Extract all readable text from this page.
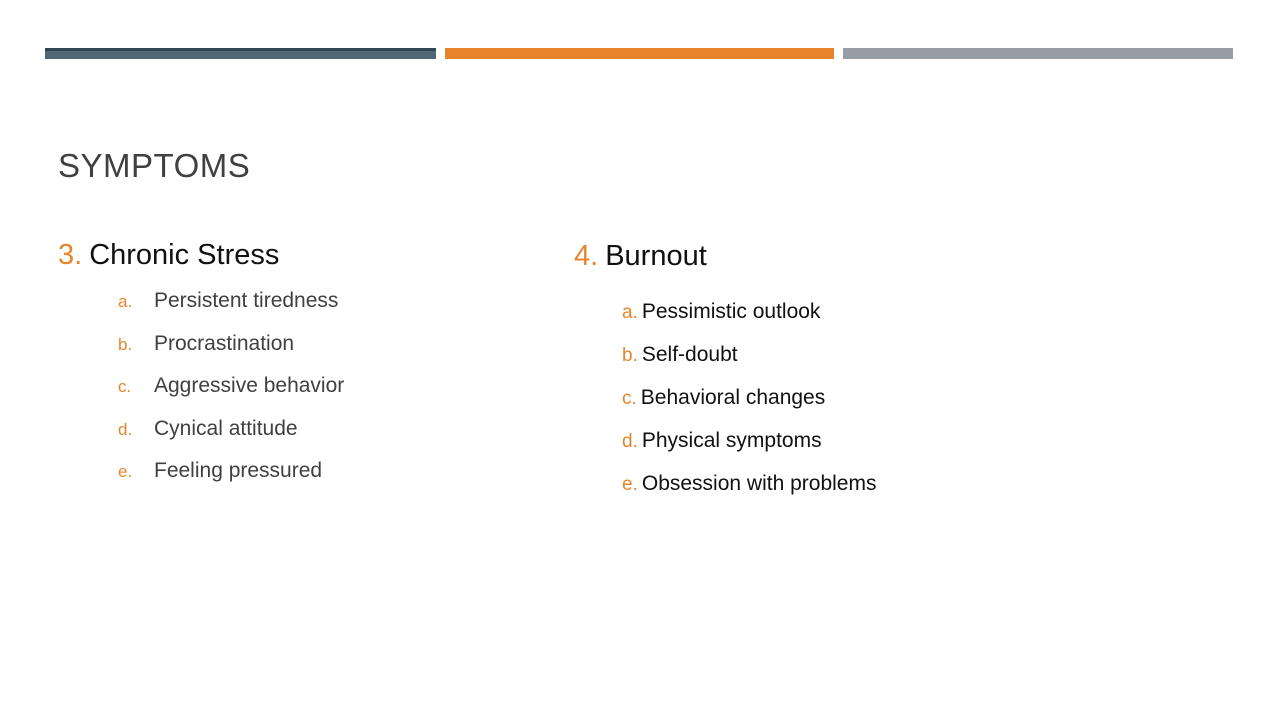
SYMPTOMS
3. Chronic Stress
a. Persistent tiredness
b. Procrastination
c. Aggressive behavior
d. Cynical attitude
e. Feeling pressured
4. Burnout
a. Pessimistic outlook
b. Self-doubt
c. Behavioral changes
d. Physical symptoms
e. Obsession with problems
